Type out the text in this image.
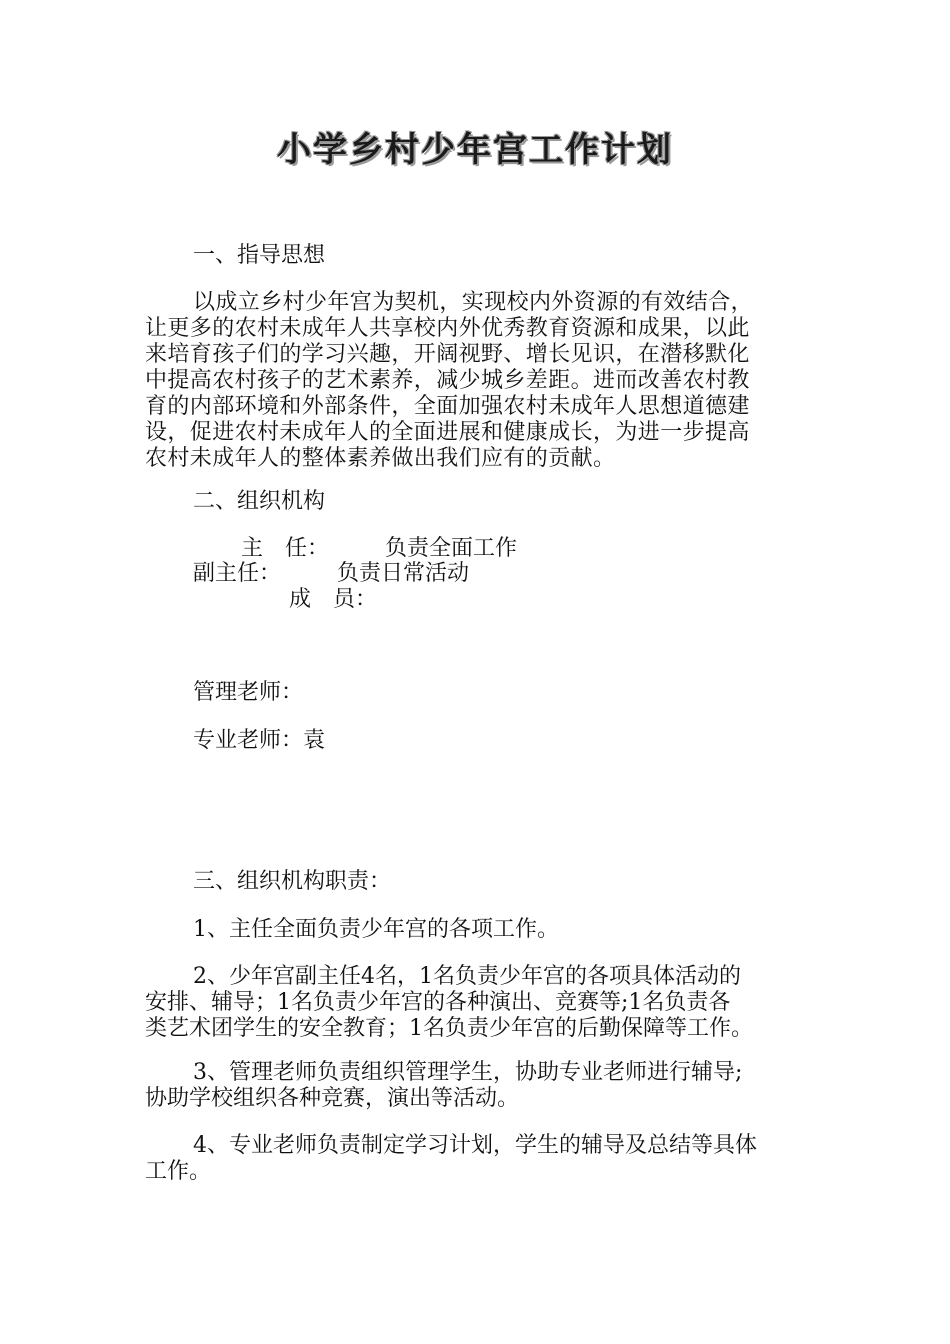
小学乡村少年宫工作计划
一、指导思想
以成立乡村少年宫为契机，实现校内外资源的有效结合，
让更多的农村未成年人共享校内外优秀教育资源和成果，以此
来培育孩子们的学习兴趣，开阔视野、增长见识，在潜移默化
中提高农村孩子的艺术素养，减少城乡差距。进而改善农村教
育的内部环境和外部条件，全面加强农村未成年人思想道德建
设，促进农村未成年人的全面进展和健康成长，为进一步提高
农村未成年人的整体素养做出我们应有的贡献。
二、组织机构
主　任：	负责全面工作
副主任：	负责日常活动
成　员：
管理老师：
专业老师：袁
三、组织机构职责：
1、主任全面负责少年宫的各项工作。
2、少年宫副主任4名，1名负责少年宫的各项具体活动的
安排、辅导；1名负责少年宫的各种演出、竞赛等;1名负责各
类艺术团学生的安全教育；1名负责少年宫的后勤保障等工作。
3、管理老师负责组织管理学生，协助专业老师进行辅导;
协助学校组织各种竞赛，演出等活动。
4、专业老师负责制定学习计划，学生的辅导及总结等具体
工作。
